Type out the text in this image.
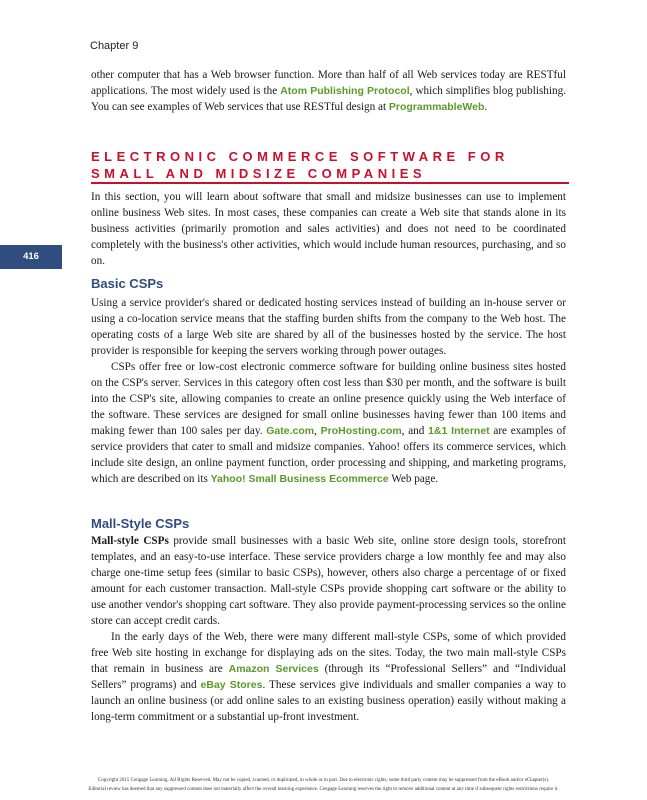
Chapter 9

other computer that has a Web browser function. More than half of all Web services today are RESTful applications. The most widely used is the Atom Publishing Protocol, which simplifies blog publishing. You can see examples of Web services that use RESTful design at ProgrammableWeb.

ELECTRONIC COMMERCE SOFTWARE FOR SMALL AND MIDSIZE COMPANIES

In this section, you will learn about software that small and midsize businesses can use to implement online business Web sites. In most cases, these companies can create a Web site that stands alone in its business activities (primarily promotion and sales activities) and does not need to be coordinated completely with the business's other activities, which would include human resources, purchasing, and so on.

416
Basic CSPs

Using a service provider's shared or dedicated hosting services instead of building an in-house server or using a co-location service means that the staffing burden shifts from the company to the Web host. The operating costs of a large Web site are shared by all of the businesses hosted by the service. The host provider is responsible for keeping the servers working through power outages.

CSPs offer free or low-cost electronic commerce software for building online business sites hosted on the CSP's server. Services in this category often cost less than $30 per month, and the software is built into the CSP's site, allowing companies to create an online presence quickly using the Web interface of the software. These services are designed for small online businesses having fewer than 100 items and making fewer than 100 sales per day. Gate.com, ProHosting.com, and 1&1 Internet are examples of service providers that cater to small and midsize companies. Yahoo! offers its commerce services, which include site design, an online payment function, order processing and shipping, and marketing programs, which are described on its Yahoo! Small Business Ecommerce Web page.

Mall-Style CSPs

Mall-style CSPs provide small businesses with a basic Web site, online store design tools, storefront templates, and an easy-to-use interface. These service providers charge a low monthly fee and may also charge one-time setup fees (similar to basic CSPs), however, others also charge a percentage of or fixed amount for each customer transaction. Mall-style CSPs provide shopping cart software or the ability to use another vendor's shopping cart software. They also provide payment-processing services so the online store can accept credit cards.

In the early days of the Web, there were many different mall-style CSPs, some of which provided free Web site hosting in exchange for displaying ads on the sites. Today, the two main mall-style CSPs that remain in business are Amazon Services (through its “Professional Sellers” and “Individual Sellers” programs) and eBay Stores. These services give individuals and smaller companies a way to launch an online business (or add online sales to an existing business operation) easily without making a long-term commitment or a substantial up-front investment.

Copyright 2015 Cengage Learning. All Rights Reserved. May not be copied, scanned, or duplicated, in whole or in part. Due to electronic rights, some third party content may be suppressed from the eBook and/or eChapter(s).
Editorial review has deemed that any suppressed content does not materially affect the overall learning experience. Cengage Learning reserves the right to remove additional content at any time if subsequent rights restrictions require it.
